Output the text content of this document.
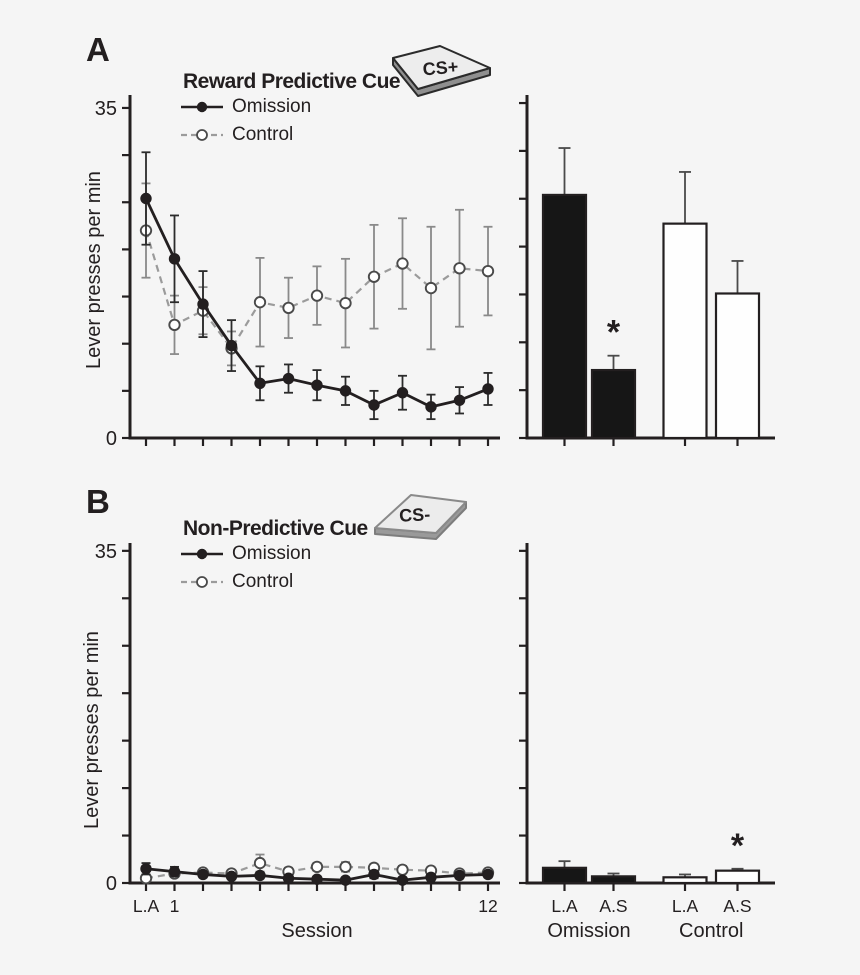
A
Reward Predictive Cue
Omission
Control
CS+
0
35
Lever presses per min	*
B
Non-Predictive Cue
Omission
Control
CS-
0
35
L.A 1	12
Session
Lever presses per min
L.A A.S	L.A
*
A.S
Omission Control
